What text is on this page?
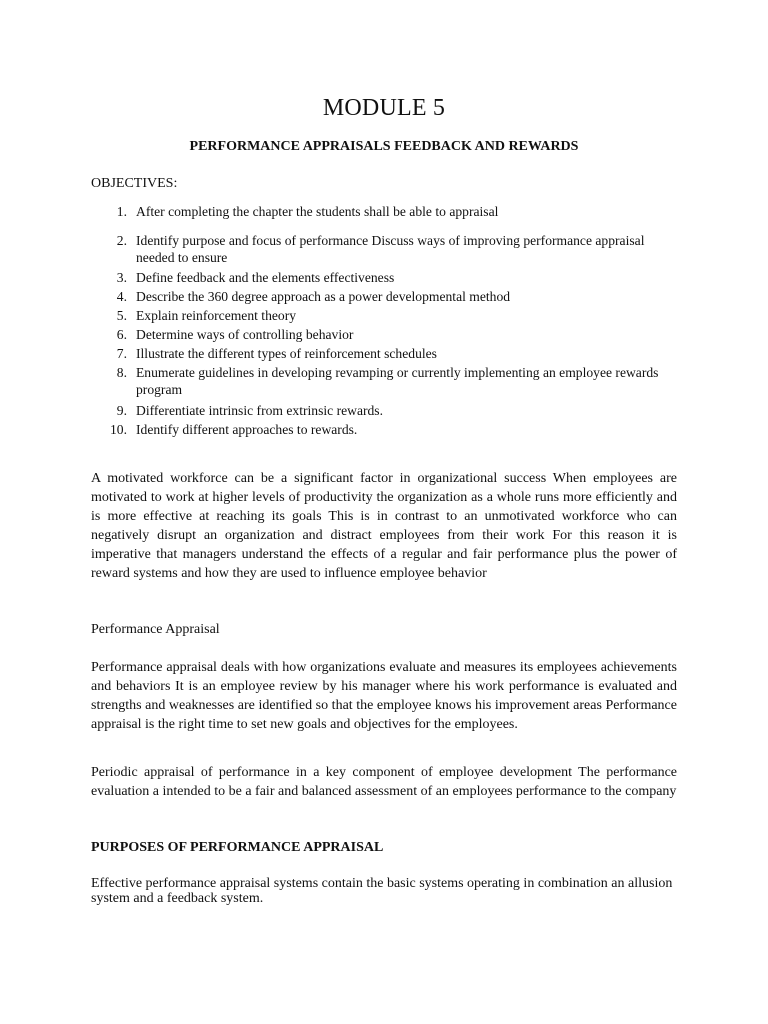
MODULE 5
PERFORMANCE APPRAISALS FEEDBACK AND REWARDS
OBJECTIVES:
1. After completing the chapter the students shall be able to appraisal
2. Identify purpose and focus of performance Discuss ways of improving performance appraisal needed to ensure
3. Define feedback and the elements effectiveness
4. Describe the 360 degree approach as a power developmental method
5. Explain reinforcement theory
6. Determine ways of controlling behavior
7. Illustrate the different types of reinforcement schedules
8. Enumerate guidelines in developing revamping or currently implementing an employee rewards program
9. Differentiate intrinsic from extrinsic rewards.
10. Identify different approaches to rewards.
A motivated workforce can be a significant factor in organizational success When employees are motivated to work at higher levels of productivity the organization as a whole runs more efficiently and is more effective at reaching its goals This is in contrast to an unmotivated workforce who can negatively disrupt an organization and distract employees from their work For this reason it is imperative that managers understand the effects of a regular and fair performance plus the power of reward systems and how they are used to influence employee behavior
Performance Appraisal
Performance appraisal deals with how organizations evaluate and measures its employees achievements and behaviors It is an employee review by his manager where his work performance is evaluated and strengths and weaknesses are identified so that the employee knows his improvement areas Performance appraisal is the right time to set new goals and objectives for the employees.
Periodic appraisal of performance in a key component of employee development The performance evaluation a intended to be a fair and balanced assessment of an employees performance to the company
PURPOSES OF PERFORMANCE APPRAISAL
Effective performance appraisal systems contain the basic systems operating in combination an allusion system and a feedback system.
